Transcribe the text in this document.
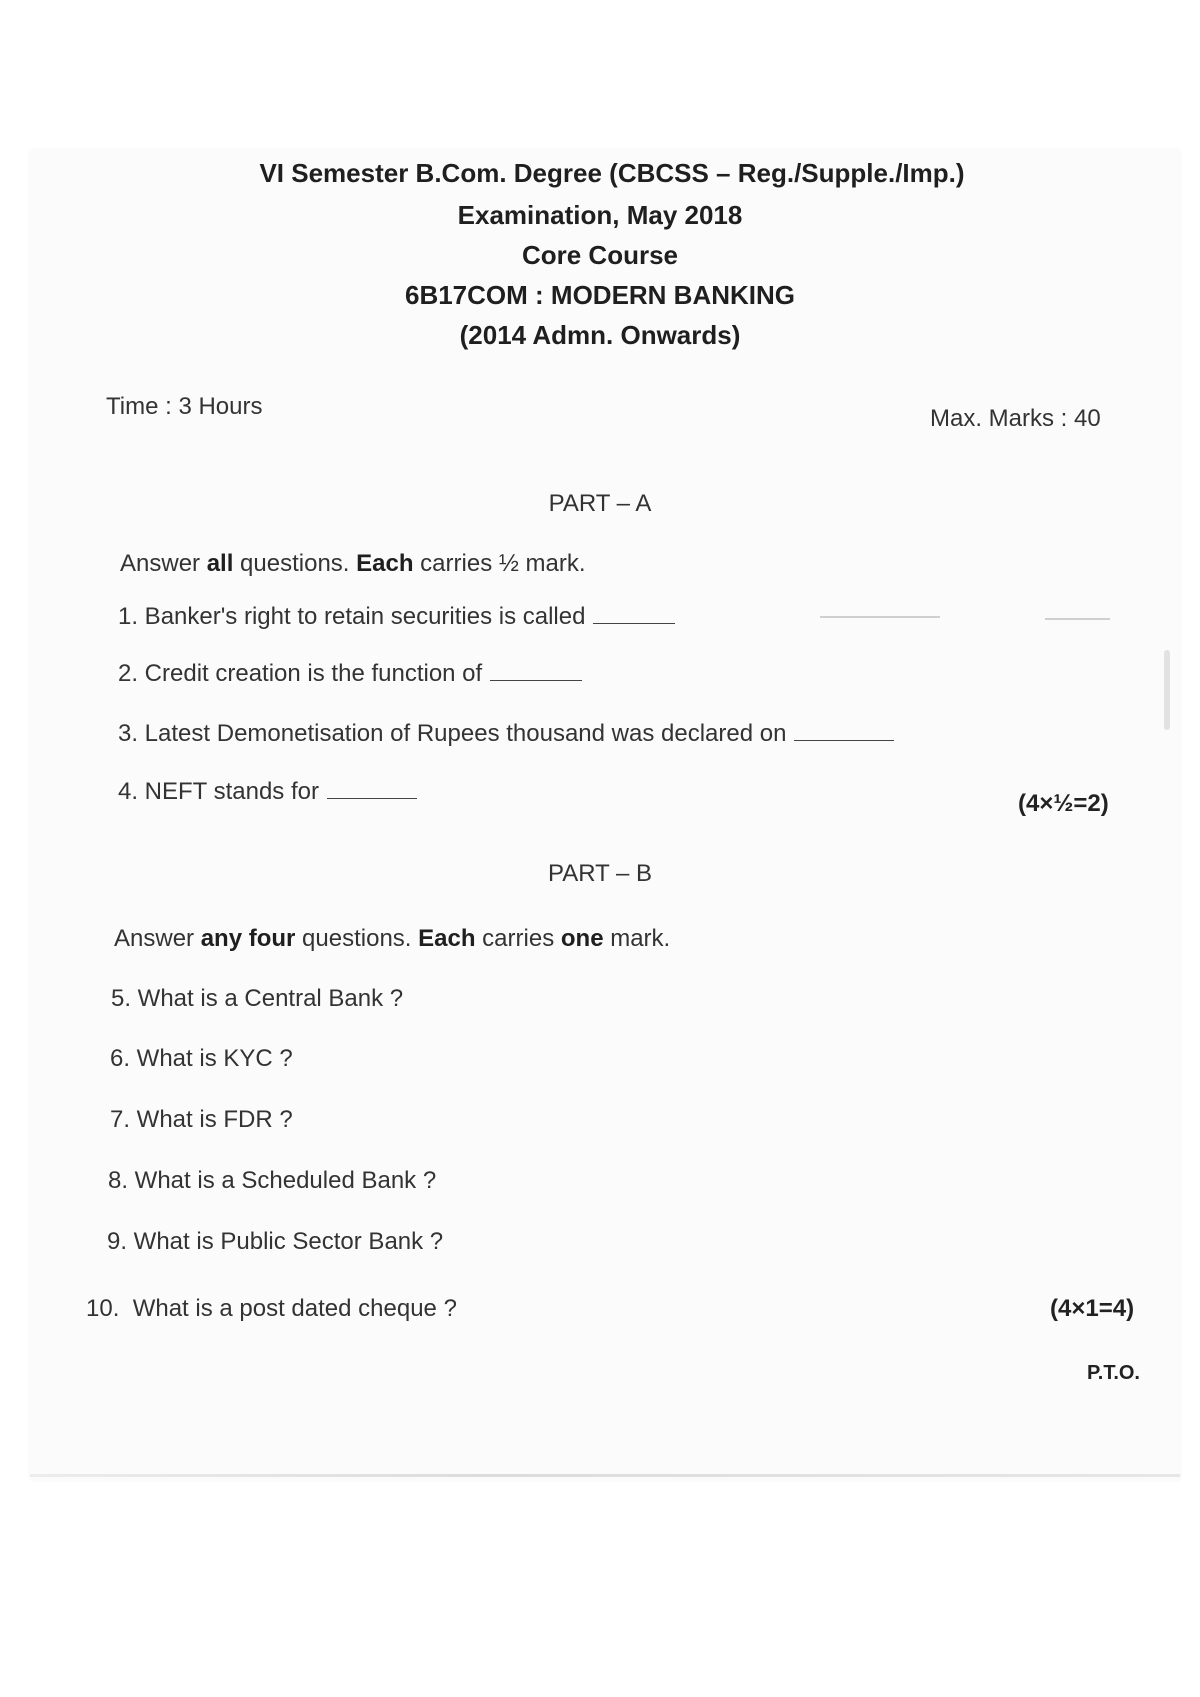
VI Semester B.Com. Degree (CBCSS – Reg./Supple./Imp.)
Examination, May 2018
Core Course
6B17COM : MODERN BANKING
(2014 Admn. Onwards)
Time : 3 Hours	Max. Marks : 40
PART – A
Answer all questions. Each carries ½ mark.
1. Banker's right to retain securities is called
2. Credit creation is the function of
3. Latest Demonetisation of Rupees thousand was declared on
4. NEFT stands for	(4×½=2)
PART – B
Answer any four questions. Each carries one mark.
5. What is a Central Bank ?
6. What is KYC ?
7. What is FDR ?
8. What is a Scheduled Bank ?
9. What is Public Sector Bank ?
10.  What is a post dated cheque ?	(4×1=4)
P.T.O.
